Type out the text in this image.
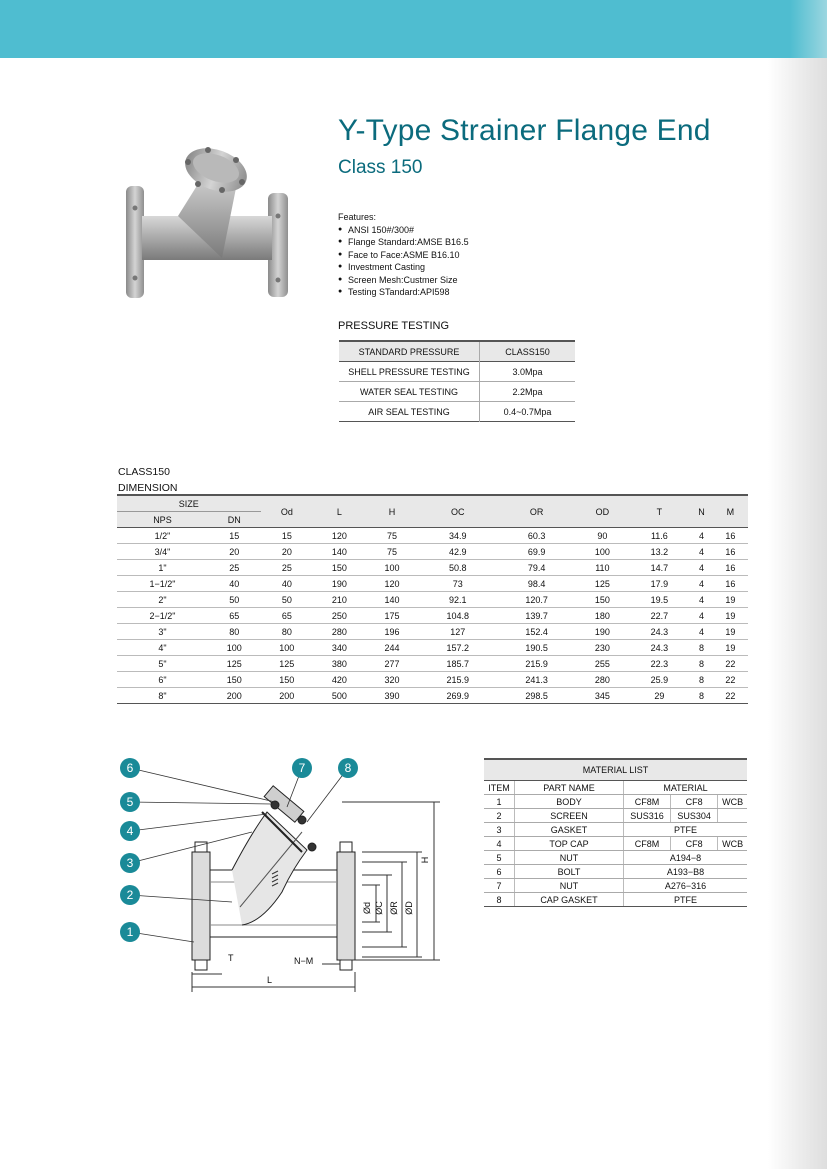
Y-Type Strainer Flange End
Class 150
Features:
● ANSI 150#/300#
● Flange Standard:AMSE B16.5
● Face to Face:ASME B16.10
● Investment Casting
● Screen Mesh:Custmer Size
● Testing STandard:API598
PRESSURE TESTING
STANDARD PRESSURE	CLASS150
SHELL PRESSURE TESTING	3.0Mpa
WATER SEAL TESTING	2.2Mpa
AIR SEAL TESTING	0.4~0.7Mpa
CLASS150
DIMENSION
SIZE		Od	L	H	OC	OR	OD	T	N	M
NPS	DN									
1/2"	15	15	120	75	34.9	60.3	90	11.6	4	16
3/4"	20	20	140	75	42.9	69.9	100	13.2	4	16
1"	25	25	150	100	50.8	79.4	110	14.7	4	16
1−1/2"	40	40	190	120	73	98.4	125	17.9	4	16
2"	50	50	210	140	92.1	120.7	150	19.5	4	19
2−1/2"	65	65	250	175	104.8	139.7	180	22.7	4	19
3"	80	80	280	196	127	152.4	190	24.3	4	19
4"	100	100	340	244	157.2	190.5	230	24.3	8	19
5"	125	125	380	277	185.7	215.9	255	22.3	8	22
6"	150	150	420	320	215.9	241.3	280	25.9	8	22
8"	200	200	500	390	269.9	298.5	345	29	8	22
H
Ød ØC ØR ØD
T	N−M
L
1
2
3
4
5
6	7	8	MATERIAL LIST				
ITEM	PART NAME	MATERIAL		
1	BODY	CF8M	CF8	WCB
2	SCREEN	SUS316	SUS304	
3	GASKET	PTFE		
4	TOP CAP	CF8M	CF8	WCB
5	NUT	A194−8		
6	BOLT	A193−B8		
7	NUT	A276−316		
8	CAP GASKET	PTFE		
